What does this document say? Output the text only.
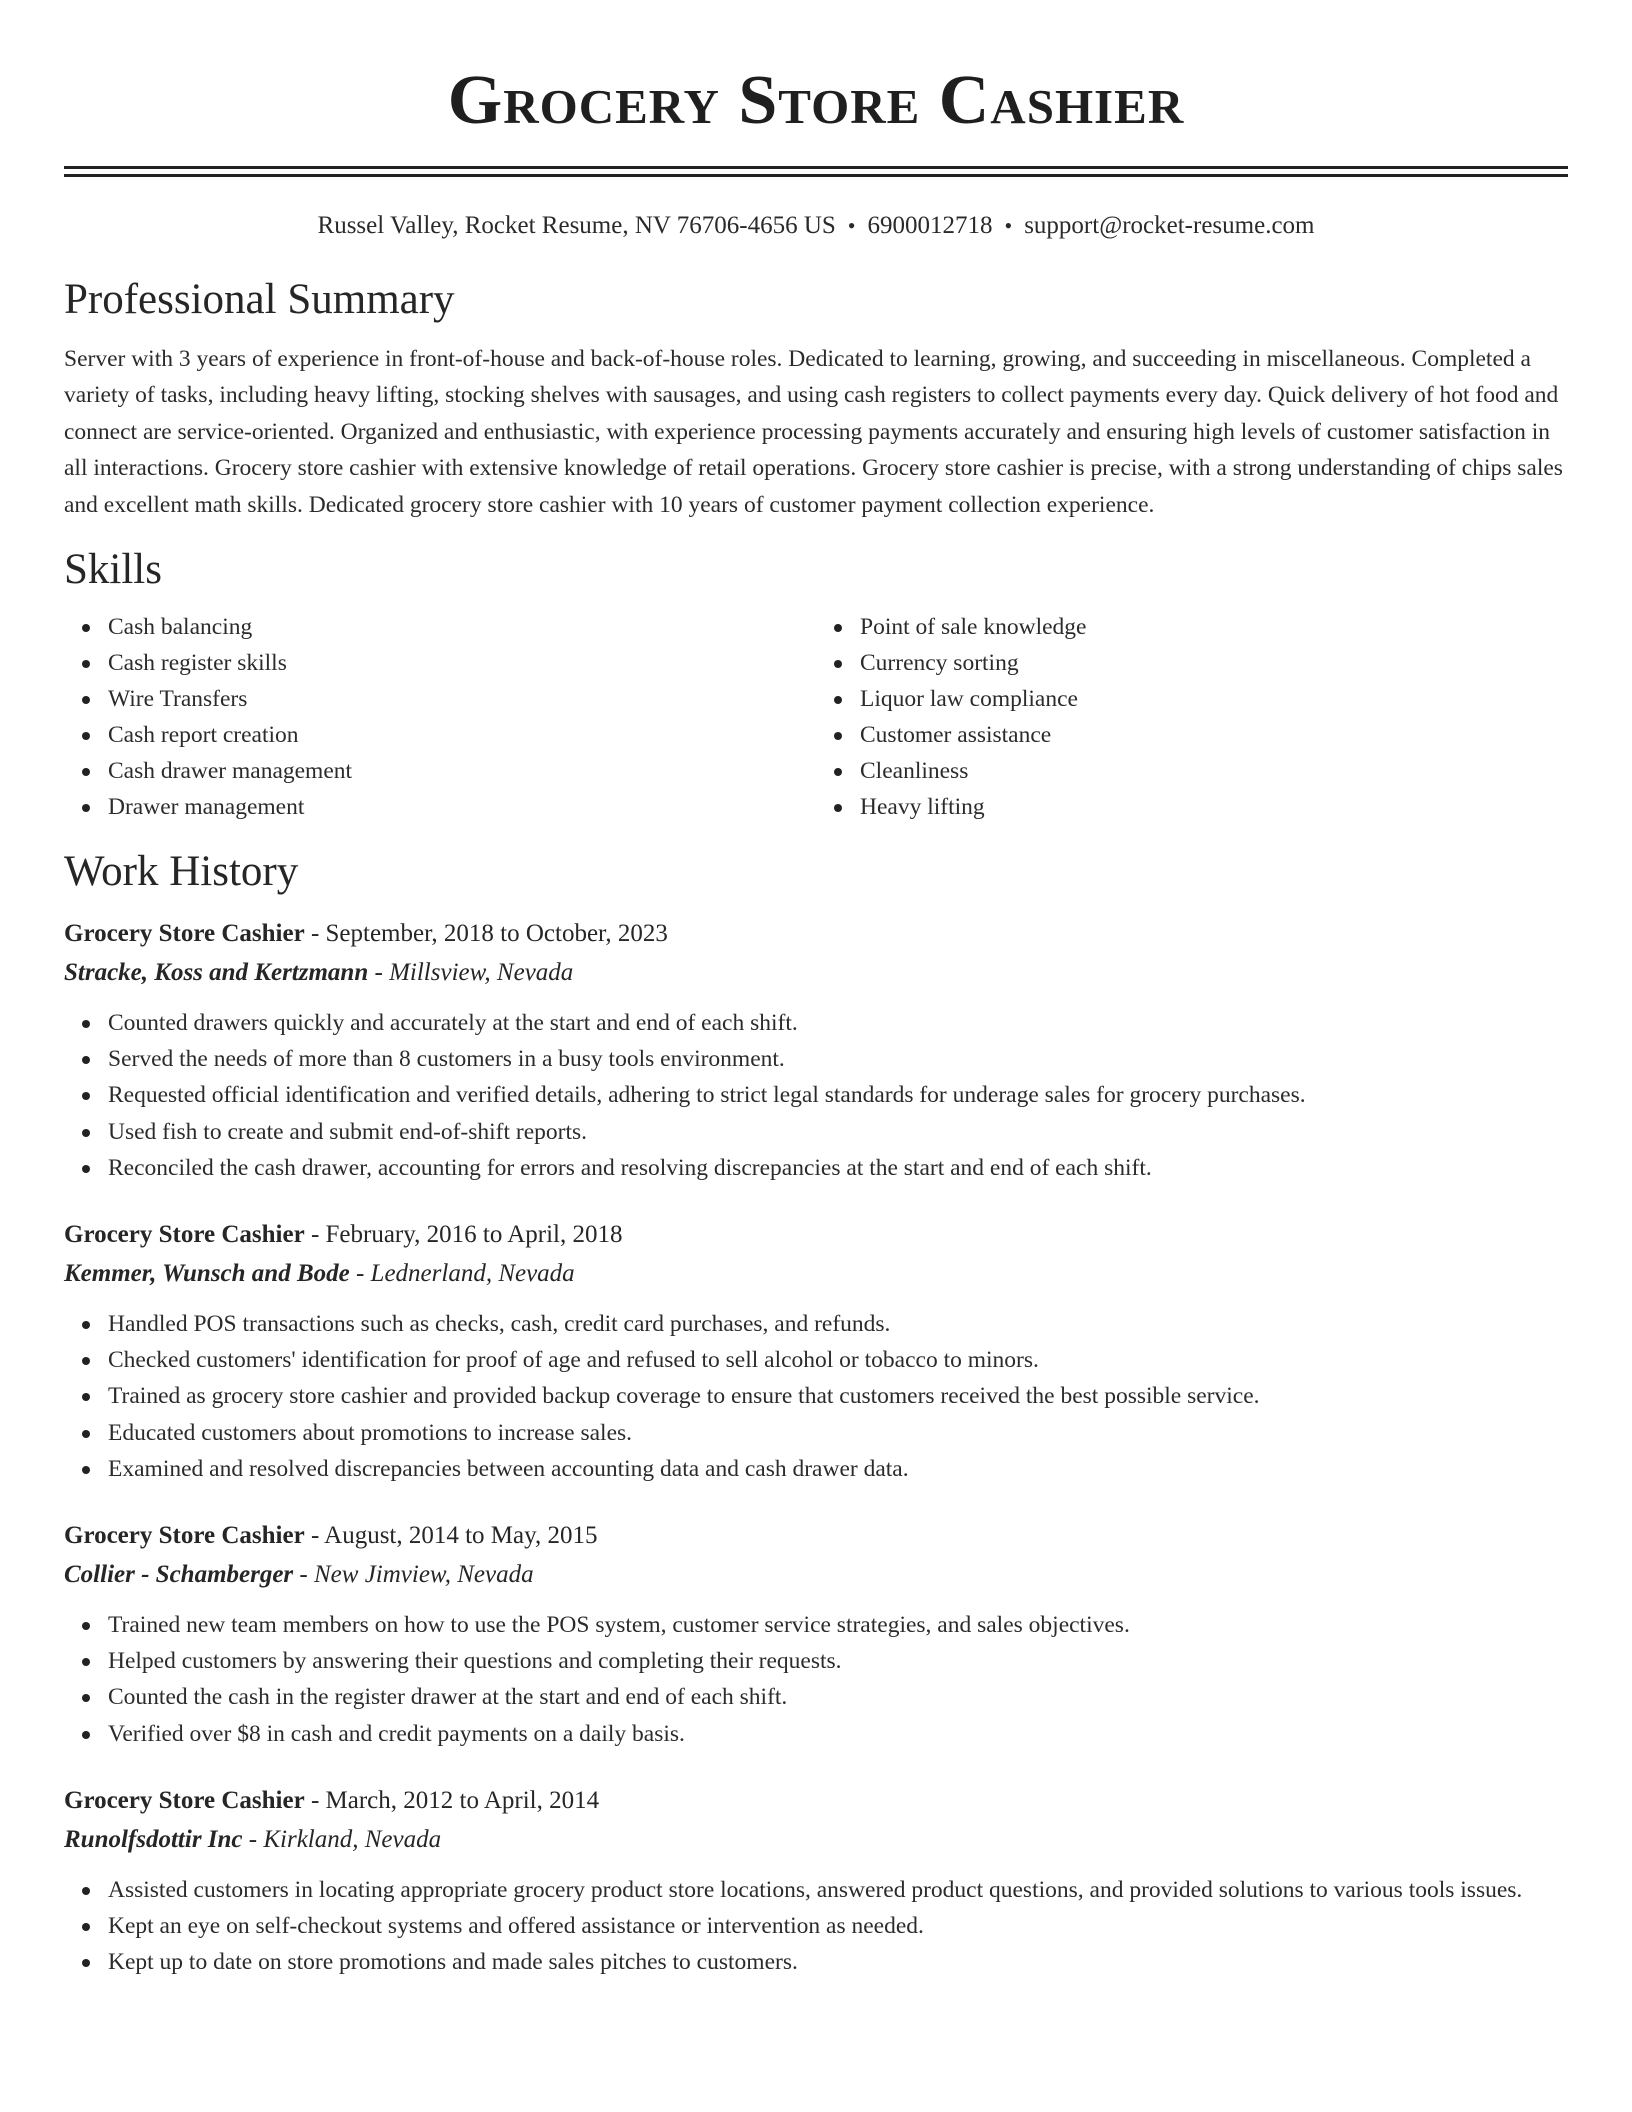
Grocery Store Cashier
Russel Valley, Rocket Resume, NV 76706-4656 US • 6900012718 • support@rocket-resume.com
Professional Summary

Server with 3 years of experience in front-of-house and back-of-house roles. Dedicated to learning, growing, and succeeding in miscellaneous. Completed a variety of tasks, including heavy lifting, stocking shelves with sausages, and using cash registers to collect payments every day. Quick delivery of hot food and connect are service-oriented. Organized and enthusiastic, with experience processing payments accurately and ensuring high levels of customer satisfaction in all interactions. Grocery store cashier with extensive knowledge of retail operations. Grocery store cashier is precise, with a strong understanding of chips sales and excellent math skills. Dedicated grocery store cashier with 10 years of customer payment collection experience.

Skills
Cash balancing
Cash register skills
Wire Transfers
Cash report creation
Cash drawer management
Drawer management
Point of sale knowledge
Currency sorting
Liquor law compliance
Customer assistance
Cleanliness
Heavy lifting
Work History
Grocery Store Cashier - September, 2018 to October, 2023
Stracke, Koss and Kertzmann - Millsview, Nevada
Counted drawers quickly and accurately at the start and end of each shift.
Served the needs of more than 8 customers in a busy tools environment.
Requested official identification and verified details, adhering to strict legal standards for underage sales for grocery purchases.
Used fish to create and submit end-of-shift reports.
Reconciled the cash drawer, accounting for errors and resolving discrepancies at the start and end of each shift.
Grocery Store Cashier - February, 2016 to April, 2018
Kemmer, Wunsch and Bode - Lednerland, Nevada
Handled POS transactions such as checks, cash, credit card purchases, and refunds.
Checked customers' identification for proof of age and refused to sell alcohol or tobacco to minors.
Trained as grocery store cashier and provided backup coverage to ensure that customers received the best possible service.
Educated customers about promotions to increase sales.
Examined and resolved discrepancies between accounting data and cash drawer data.
Grocery Store Cashier - August, 2014 to May, 2015
Collier - Schamberger - New Jimview, Nevada
Trained new team members on how to use the POS system, customer service strategies, and sales objectives.
Helped customers by answering their questions and completing their requests.
Counted the cash in the register drawer at the start and end of each shift.
Verified over $8 in cash and credit payments on a daily basis.
Grocery Store Cashier - March, 2012 to April, 2014
Runolfsdottir Inc - Kirkland, Nevada
Assisted customers in locating appropriate grocery product store locations, answered product questions, and provided solutions to various tools issues.
Kept an eye on self-checkout systems and offered assistance or intervention as needed.
Kept up to date on store promotions and made sales pitches to customers.
